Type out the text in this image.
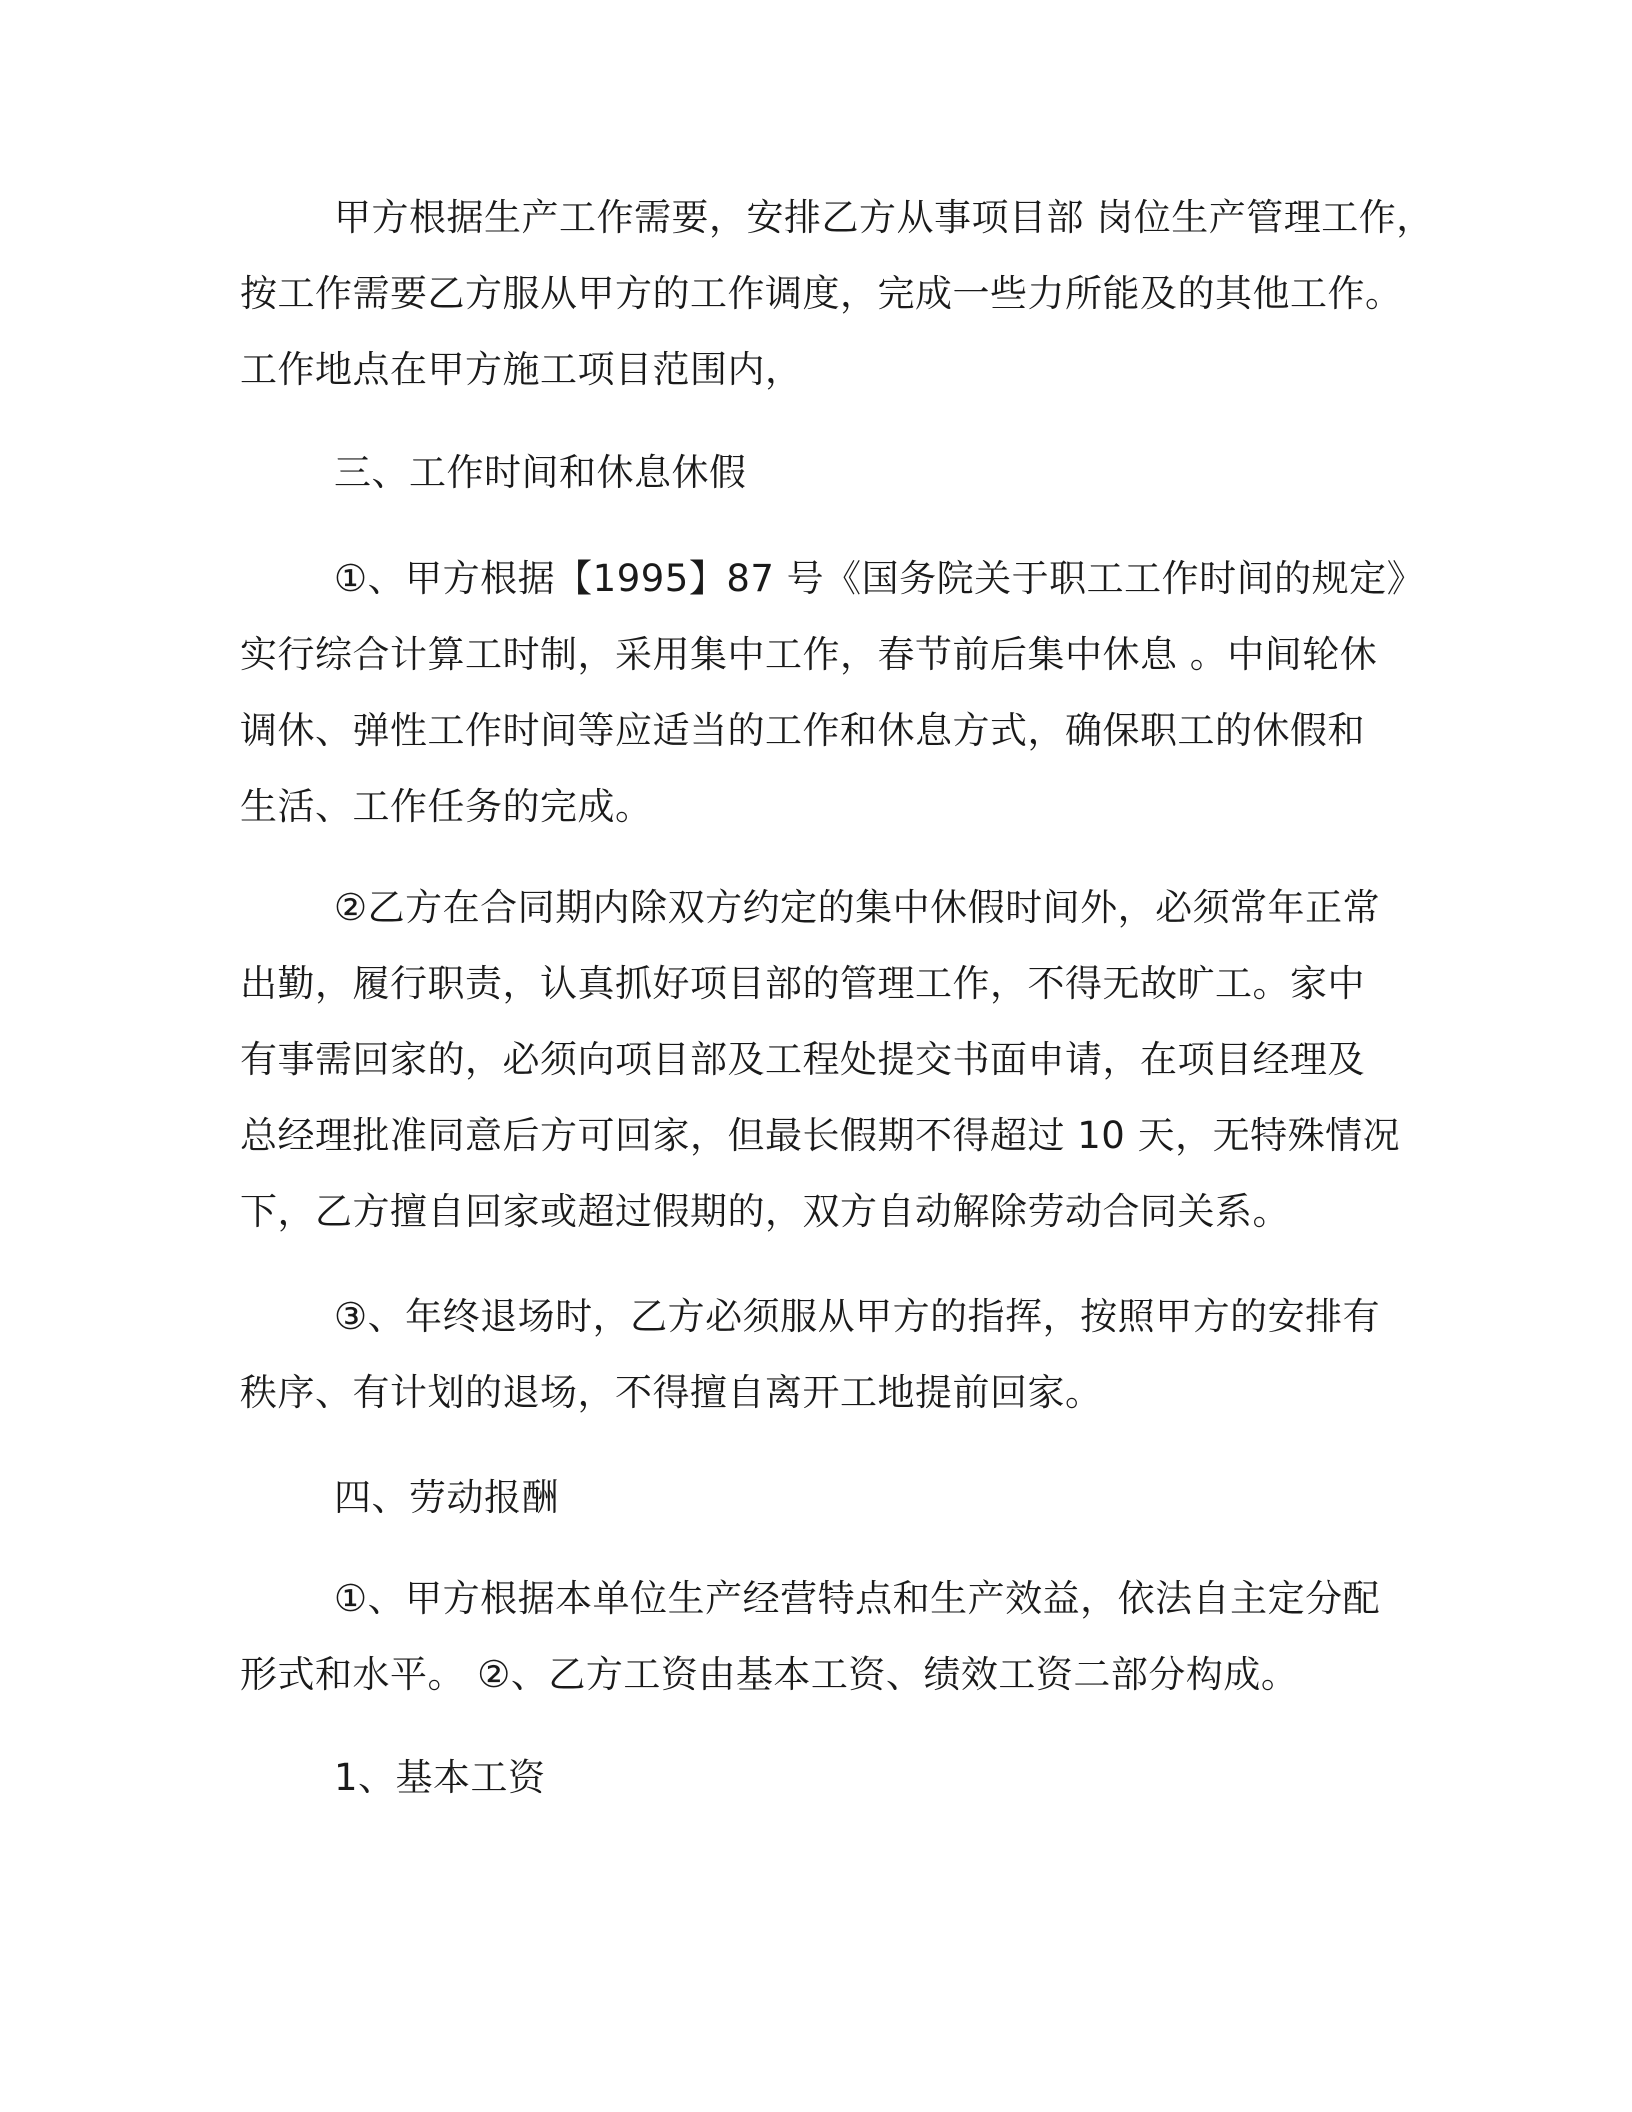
甲方根据生产工作需要，安排乙方从事项目部 岗位生产管理工作，
按工作需要乙方服从甲方的工作调度，完成一些力所能及的其他工作。
工作地点在甲方施工项目范围内，
三、工作时间和休息休假
①、甲方根据【1995】87 号《国务院关于职工工作时间的规定》
实行综合计算工时制，采用集中工作，春节前后集中休息 。中间轮休
调休、弹性工作时间等应适当的工作和休息方式，确保职工的休假和
生活、工作任务的完成。
②乙方在合同期内除双方约定的集中休假时间外，必须常年正常
出勤，履行职责，认真抓好项目部的管理工作，不得无故旷工。家中
有事需回家的，必须向项目部及工程处提交书面申请，在项目经理及
总经理批准同意后方可回家，但最长假期不得超过 10 天，无特殊情况
下，乙方擅自回家或超过假期的，双方自动解除劳动合同关系。
③、年终退场时，乙方必须服从甲方的指挥，按照甲方的安排有
秩序、有计划的退场，不得擅自离开工地提前回家。
四、劳动报酬
①、甲方根据本单位生产经营特点和生产效益，依法自主定分配
形式和水平。 ②、乙方工资由基本工资、绩效工资二部分构成。
1、基本工资
